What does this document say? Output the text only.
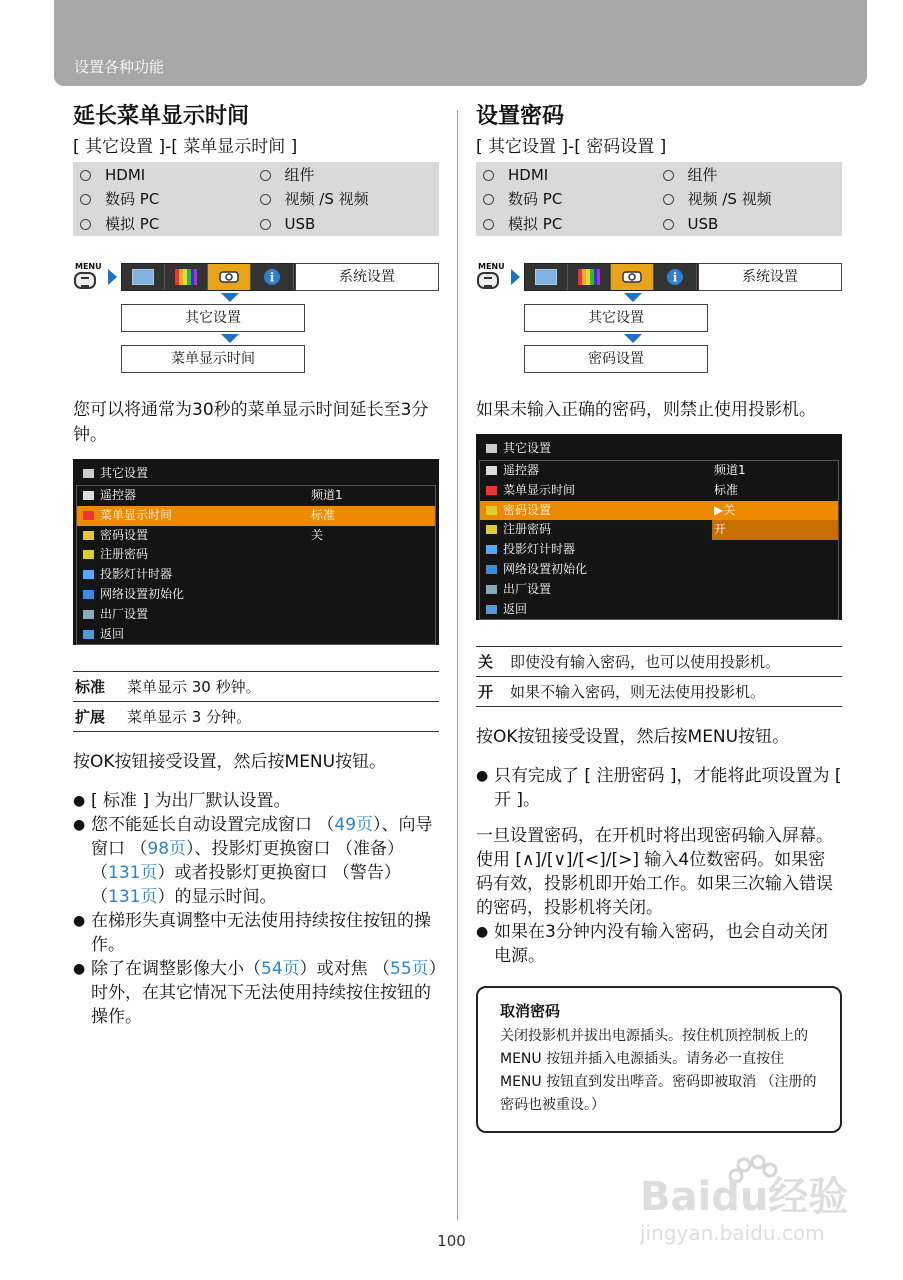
设置各种功能
延长菜单显示时间
[ 其它设置 ]-[ 菜单显示时间 ]
HDMI	组件
数码 PC	视频 /S 视频
模拟 PC	USB
MENU
i	系统设置
其它设置
菜单显示时间
您可以将通常为30秒的菜单显示时间延长至3分钟。
其它设置
遥控器	频道1
菜单显示时间	标准
密码设置	关
注册密码
投影灯计时器
网络设置初始化
出厂设置
返回
标准 菜单显示 30 秒钟。
扩展 菜单显示 3 分钟。
按OK按钮接受设置，然后按MENU按钮。
● [ 标准 ] 为出厂默认设置。
● 您不能延长自动设置完成窗口 （49页）、向导窗口 （98页）、投影灯更换窗口 （准备）（131页）或者投影灯更换窗口 （警告）（131页）的显示时间。
● 在梯形失真调整中无法使用持续按住按钮的操作。
● 除了在调整影像大小（54页）或对焦 （55页）时外，在其它情况下无法使用持续按住按钮的操作。
设置密码
[ 其它设置 ]-[ 密码设置 ]
HDMI	组件
数码 PC	视频 /S 视频
模拟 PC	USB
MENU
i	系统设置
其它设置
密码设置
如果未输入正确的密码，则禁止使用投影机。
其它设置
遥控器	频道1
菜单显示时间	标准
密码设置	▶关
注册密码	开
投影灯计时器
网络设置初始化
出厂设置
返回
关 即使没有输入密码，也可以使用投影机。
开 如果不输入密码，则无法使用投影机。
按OK按钮接受设置，然后按MENU按钮。
● 只有完成了 [ 注册密码 ]，才能将此项设置为 [ 开 ]。
一旦设置密码，在开机时将出现密码输入屏幕。
使用 [∧]/[∨]/[<]/[>] 输入4位数密码。如果密码有效，投影机即开始工作。如果三次输入错误的密码，投影机将关闭。
● 如果在3分钟内没有输入密码，也会自动关闭电源。
取消密码
关闭投影机并拔出电源插头。按住机顶控制板上的 MENU 按钮并插入电源插头。请务必一直按住 MENU 按钮直到发出哔音。密码即被取消 （注册的密码也被重设。）
100
Baidu经验
jingyan.baidu.com
